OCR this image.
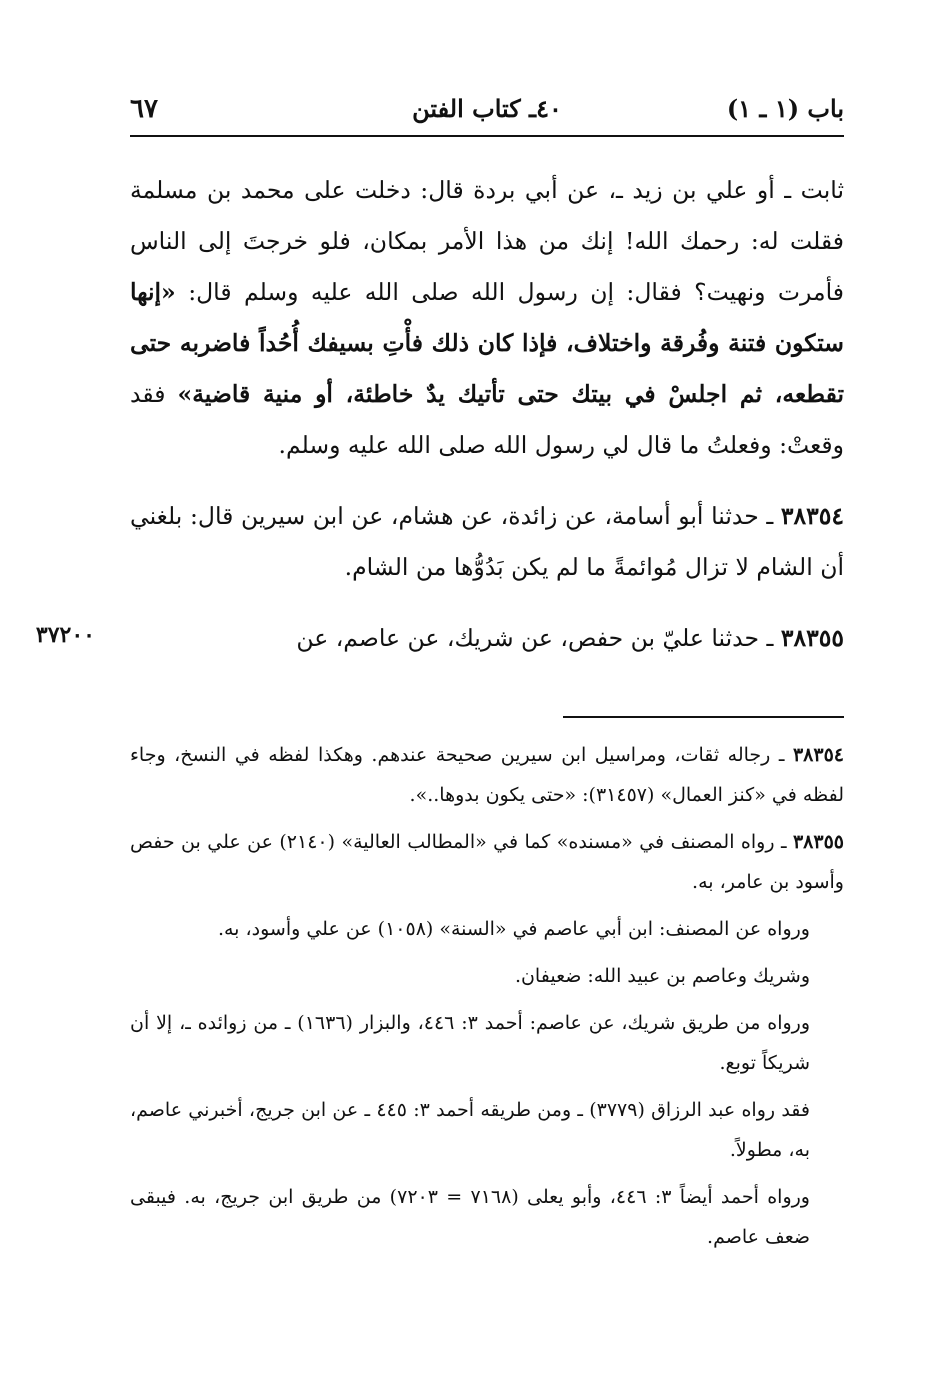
باب (١ ـ ١)
٤٠ـ كتاب الفتن
٦٧

ثابت ـ أو علي بن زيد ـ، عن أبي بردة قال: دخلت على محمد بن مسلمة فقلت له: رحمك الله! إنك من هذا الأمر بمكان، فلو خرجتَ إلى الناس فأمرت ونهيت؟ فقال: إن رسول الله صلى الله عليه وسلم قال: «إنها ستكون فتنة وفُرقة واختلاف، فإذا كان ذلك فأْتِ بسيفك أُحُداً فاضربه حتى تقطعه، ثم اجلسْ في بيتك حتى تأتيك يدٌ خاطئة، أو منية قاضية» فقد وقعتْ: وفعلتُ ما قال لي رسول الله صلى الله عليه وسلم.

٣٨٣٥٤ ـ حدثنا أبو أسامة، عن زائدة، عن هشام، عن ابن سيرين قال: بلغني أن الشام لا تزال مُوائمةً ما لم يكن بَدُوُّها من الشام.

٣٨٣٥٥ ـ حدثنا عليّ بن حفص، عن شريك، عن عاصم، عن

٣٧٢٠٠

٣٨٣٥٤ ـ رجاله ثقات، ومراسيل ابن سيرين صحيحة عندهم. وهكذا لفظه في النسخ، وجاء لفظه في «كنز العمال» (٣١٤٥٧): «حتى يكون بدوها..».

٣٨٣٥٥ ـ رواه المصنف في «مسنده» كما في «المطالب العالية» (٢١٤٠) عن علي بن حفص وأسود بن عامر، به.

ورواه عن المصنف: ابن أبي عاصم في «السنة» (١٠٥٨) عن علي وأسود، به.

وشريك وعاصم بن عبيد الله: ضعيفان.

ورواه من طريق شريك، عن عاصم: أحمد ٣: ٤٤٦، والبزار (١٦٣٦) ـ من زوائده ـ، إلا أن شريكاً توبع.

فقد رواه عبد الرزاق (٣٧٧٩) ـ ومن طريقه أحمد ٣: ٤٤٥ ـ عن ابن جريج، أخبرني عاصم، به، مطولاً.

ورواه أحمد أيضاً ٣: ٤٤٦، وأبو يعلى (٧١٦٨ = ٧٢٠٣) من طريق ابن جريج، به. فيبقى ضعف عاصم.
